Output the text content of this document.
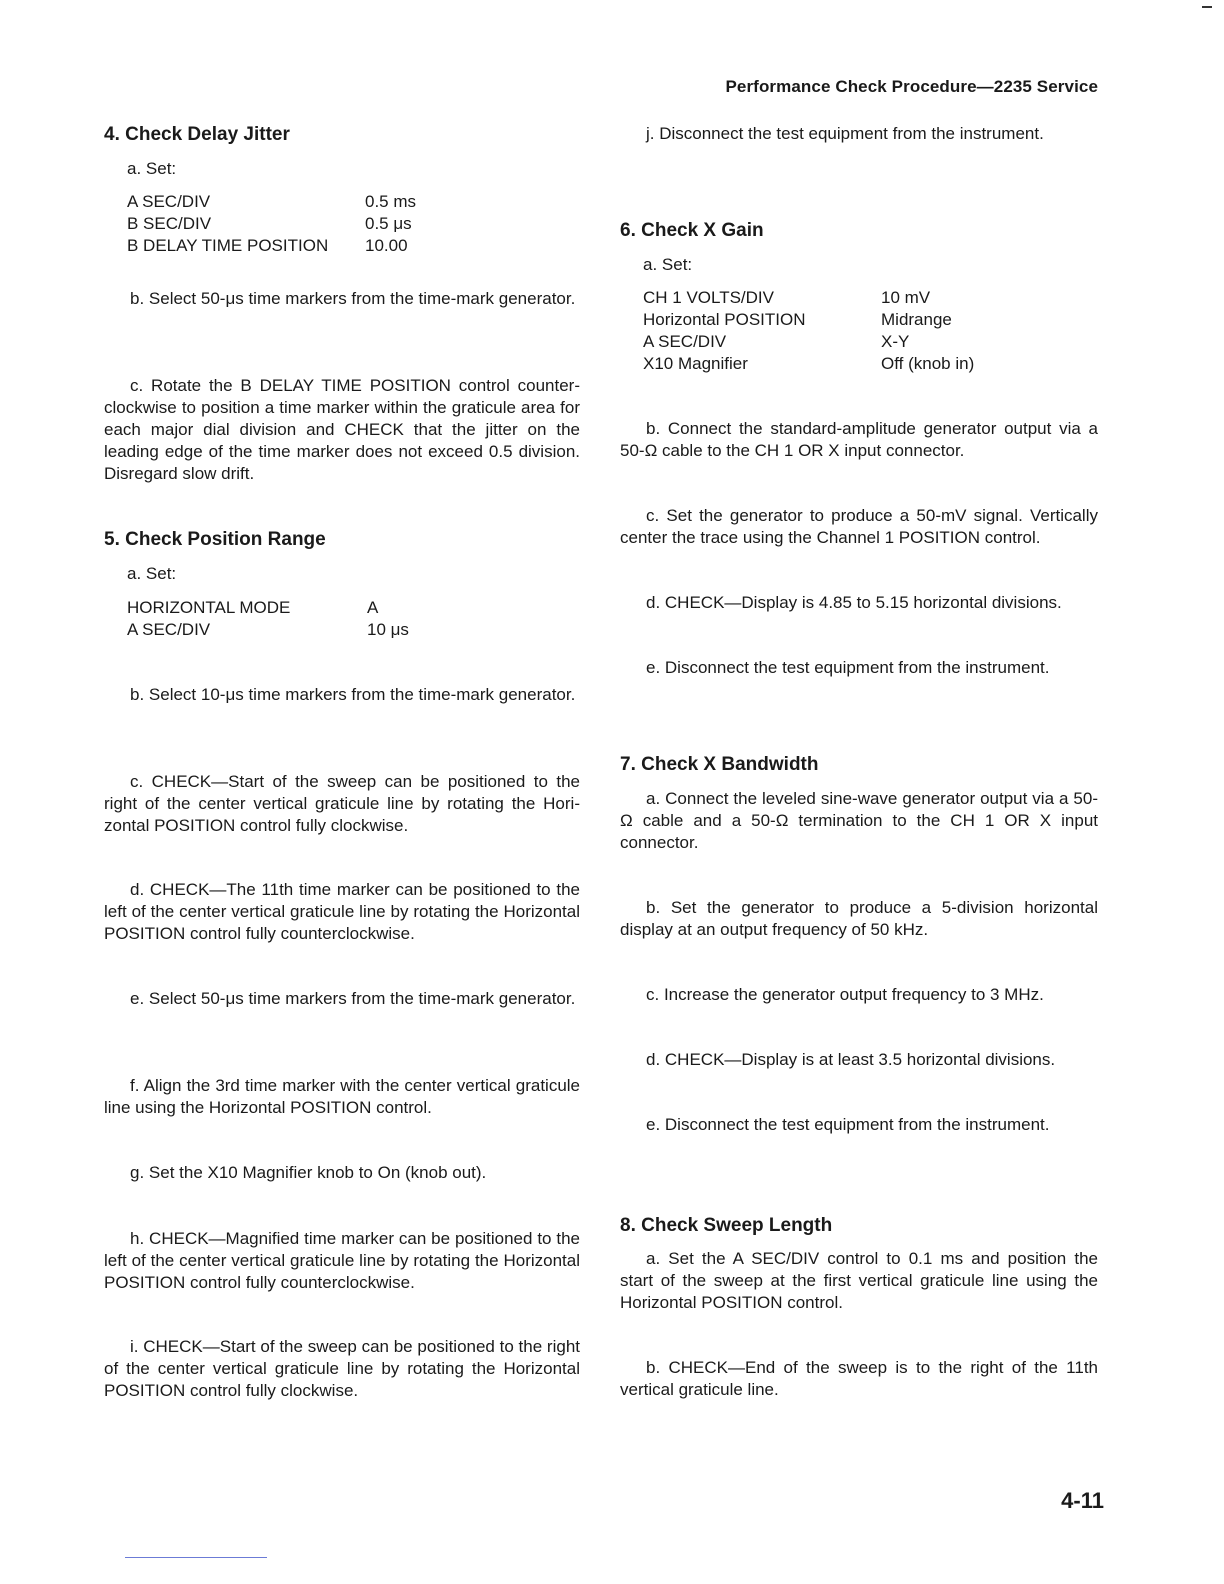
Performance Check Procedure—2235 Service
4. Check Delay Jitter
a. Set:
A SEC/DIV	0.5 ms
B SEC/DIV	0.5 μs
B DELAY TIME POSITION	10.00

b. Select 50-μs time markers from the time-mark generator.

c. Rotate the B DELAY TIME POSITION control counterclockwise to position a time marker within the graticule area for each major dial division and CHECK that the jitter on the leading edge of the time marker does not exceed 0.5 division. Disregard slow drift.

5. Check Position Range
a. Set:
HORIZONTAL MODE	A
A SEC/DIV	10 μs

b. Select 10-μs time markers from the time-mark generator.

c. CHECK—Start of the sweep can be positioned to the right of the center vertical graticule line by rotating the Horizontal POSITION control fully clockwise.

d. CHECK—The 11th time marker can be positioned to the left of the center vertical graticule line by rotating the Horizontal POSITION control fully counterclockwise.

e. Select 50-μs time markers from the time-mark generator.

f. Align the 3rd time marker with the center vertical graticule line using the Horizontal POSITION control.

g. Set the X10 Magnifier knob to On (knob out).

h. CHECK—Magnified time marker can be positioned to the left of the center vertical graticule line by rotating the Horizontal POSITION control fully counterclockwise.

i. CHECK—Start of the sweep can be positioned to the right of the center vertical graticule line by rotating the Horizontal POSITION control fully clockwise.

j. Disconnect the test equipment from the instrument.

6. Check X Gain
a. Set:
CH 1 VOLTS/DIV	10 mV
Horizontal POSITION	Midrange
A SEC/DIV	X-Y
X10 Magnifier	Off (knob in)

b. Connect the standard-amplitude generator output via a 50-Ω cable to the CH 1 OR X input connector.

c. Set the generator to produce a 50-mV signal. Vertically center the trace using the Channel 1 POSITION control.

d. CHECK—Display is 4.85 to 5.15 horizontal divisions.

e. Disconnect the test equipment from the instrument.

7. Check X Bandwidth

a. Connect the leveled sine-wave generator output via a 50-Ω cable and a 50-Ω termination to the CH 1 OR X input connector.

b. Set the generator to produce a 5-division horizontal display at an output frequency of 50 kHz.

c. Increase the generator output frequency to 3 MHz.

d. CHECK—Display is at least 3.5 horizontal divisions.

e. Disconnect the test equipment from the instrument.

8. Check Sweep Length

a. Set the A SEC/DIV control to 0.1 ms and position the start of the sweep at the first vertical graticule line using the Horizontal POSITION control.

b. CHECK—End of the sweep is to the right of the 11th vertical graticule line.

4-11
